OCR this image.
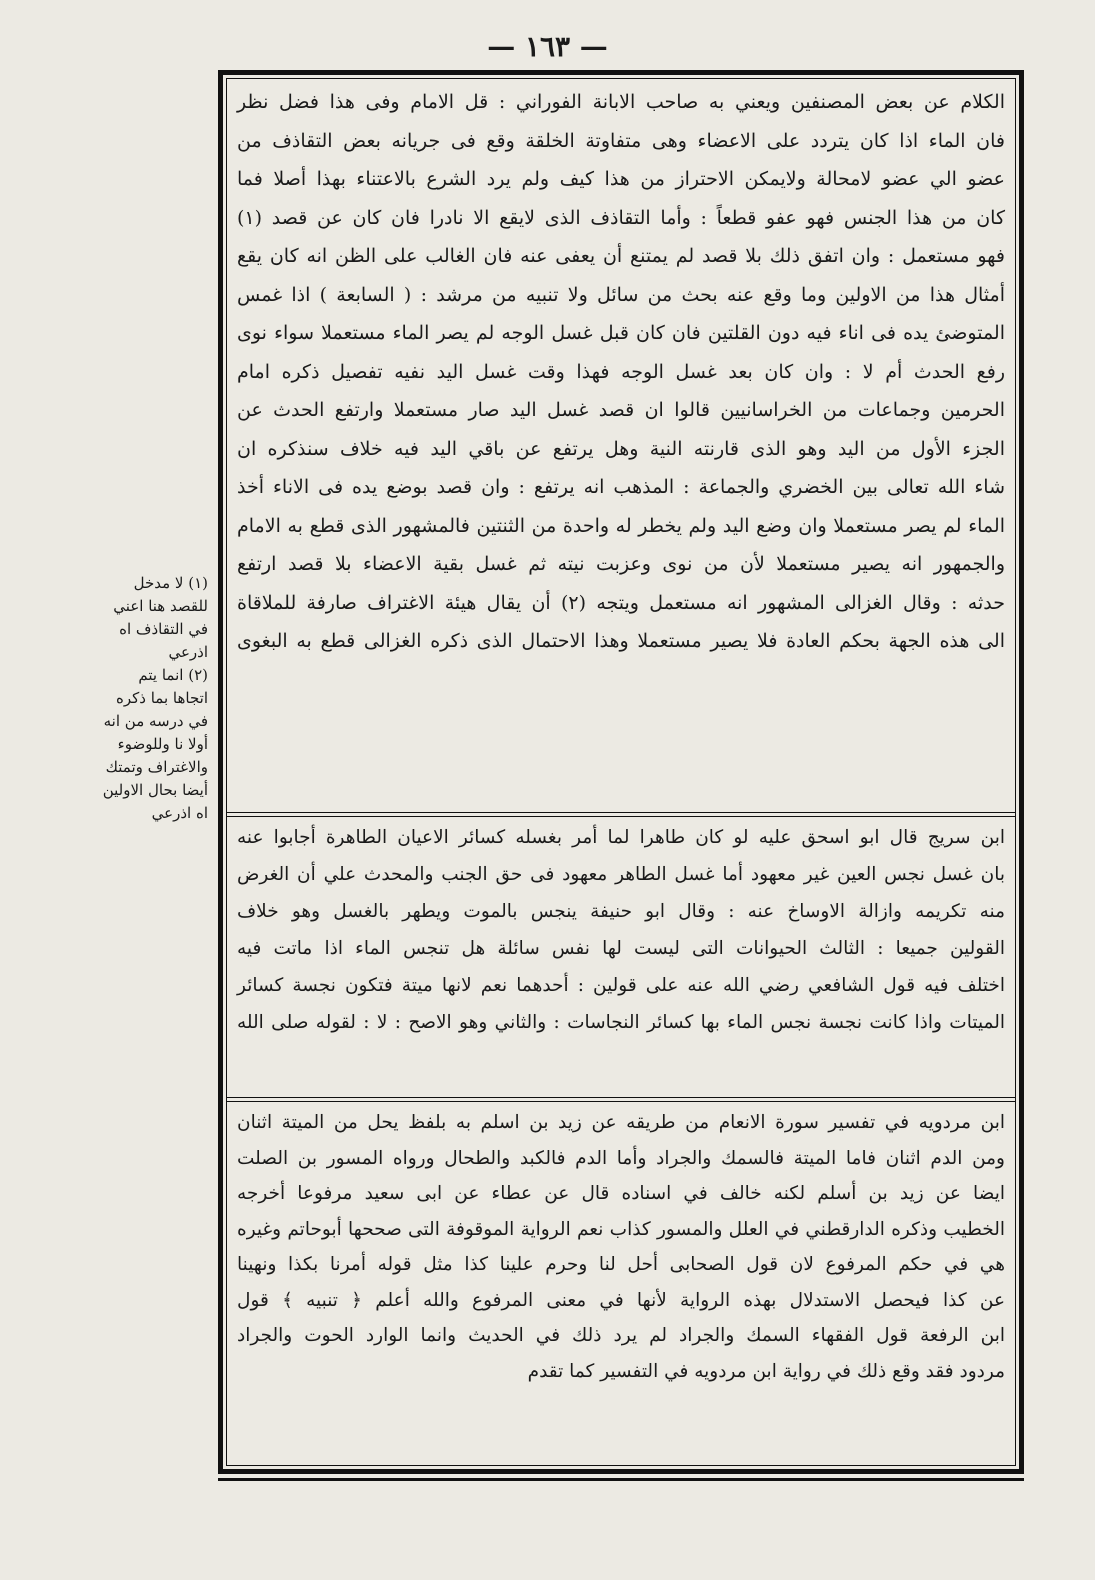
— ١٦٣ —
الكلام عن بعض المصنفين ويعني به صاحب الابانة الفوراني : قل الامام وفى هذا فضل نظر
فان الماء اذا كان يتردد على الاعضاء وهى متفاوتة الخلقة وقع فى جريانه بعض التقاذف من
عضو الي عضو لامحالة ولايمكن الاحتراز من هذا كيف ولم يرد الشرع بالاعتناء بهذا أصلا فما
كان من هذا الجنس فهو عفو قطعاً : وأما التقاذف الذى لايقع الا نادرا فان كان عن قصد (١)
فهو مستعمل : وان اتفق ذلك بلا قصد لم يمتنع أن يعفى عنه فان الغالب على الظن انه كان يقع
أمثال هذا من الاولين وما وقع عنه بحث من سائل ولا تنبيه من مرشد : ( السابعة ) اذا غمس
المتوضئ يده فى اناء فيه دون القلتين فان كان قبل غسل الوجه لم يصر الماء مستعملا سواء نوى
رفع الحدث أم لا : وان كان بعد غسل الوجه فهذا وقت غسل اليد نفيه تفصيل ذكره امام
الحرمين وجماعات من الخراسانيين قالوا ان قصد غسل اليد صار مستعملا وارتفع الحدث عن
الجزء الأول من اليد وهو الذى قارنته النية وهل يرتفع عن باقي اليد فيه خلاف سنذكره ان
شاء الله تعالى بين الخضري والجماعة : المذهب انه يرتفع : وان قصد بوضع يده فى الاناء أخذ
الماء لم يصر مستعملا وان وضع اليد ولم يخطر له واحدة من الثنتين فالمشهور الذى قطع به الامام
والجمهور انه يصير مستعملا لأن من نوى وعزبت نيته ثم غسل بقية الاعضاء بلا قصد ارتفع
حدثه : وقال الغزالى المشهور انه مستعمل ويتجه (٢) أن يقال هيئة الاغتراف صارفة للملاقاة
الى هذه الجهة بحكم العادة فلا يصير مستعملا وهذا الاحتمال الذى ذكره الغزالى قطع به البغوى
ابن سريج قال ابو اسحق عليه لو كان طاهرا لما أمر بغسله كسائر الاعيان الطاهرة أجابوا عنه
بان غسل نجس العين غير معهود أما غسل الطاهر معهود فى حق الجنب والمحدث علي أن الغرض
منه تكريمه وازالة الاوساخ عنه : وقال ابو حنيفة ينجس بالموت ويطهر بالغسل وهو خلاف
القولين جميعا : الثالث الحيوانات التى ليست لها نفس سائلة هل تنجس الماء اذا ماتت فيه
اختلف فيه قول الشافعي رضي الله عنه على قولين : أحدهما نعم لانها ميتة فتكون نجسة كسائر
الميتات واذا كانت نجسة نجس الماء بها كسائر النجاسات : والثاني وهو الاصح : لا : لقوله صلى الله
ابن مردويه في تفسير سورة الانعام من طريقه عن زيد بن اسلم به بلفظ يحل من الميتة اثنان
ومن الدم اثنان فاما الميتة فالسمك والجراد وأما الدم فالكبد والطحال ورواه المسور بن الصلت
ايضا عن زيد بن أسلم لكنه خالف في اسناده قال عن عطاء عن ابى سعيد مرفوعا أخرجه
الخطيب وذكره الدارقطني في العلل والمسور كذاب نعم الرواية الموقوفة التى صححها أبوحاتم وغيره
هي في حكم المرفوع لان قول الصحابى أحل لنا وحرم علينا كذا مثل قوله أمرنا بكذا ونهينا
عن كذا فيحصل الاستدلال بهذه الرواية لأنها في معنى المرفوع والله أعلم ﴿ تنبيه ﴾ قول
ابن الرفعة قول الفقهاء السمك والجراد لم يرد ذلك في الحديث وانما الوارد الحوت والجراد
مردود فقد وقع ذلك في رواية ابن مردويه في التفسير كما تقدم
(١) لا مدخل
للقصد هنا اعني
في التقاذف اه
اذرعي
(٢) انما يتم
اتجاها بما ذكره
في درسه من انه
أولا نا وللوضوء
والاغتراف وتمتك
أيضا بحال الاولين
اه اذرعي
